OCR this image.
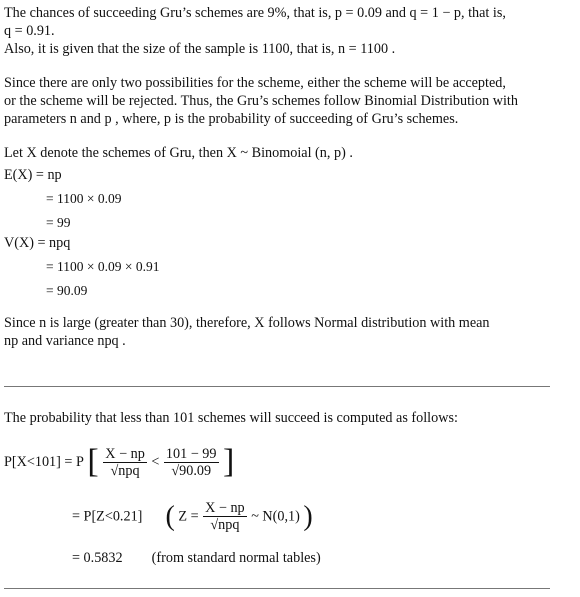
The chances of succeeding Gru’s schemes are 9%, that is, p = 0.09 and q = 1 − p, that is,

q = 0.91.

Also, it is given that the size of the sample is 1100, that is, n = 1100 .

Since there are only two possibilities for the scheme, either the scheme will be accepted,

or the scheme will be rejected. Thus, the Gru’s schemes follow Binomial Distribution with

parameters n and p , where, p is the probability of succeeding of Gru’s schemes.

Let X denote the schemes of Gru, then X ~ Binomoial (n, p) .

E(X) = np
= 1100 × 0.09
= 99
V(X) = npq
= 1100 × 0.09 × 0.91
= 90.09

Since n is large (greater than 30), therefore, X follows Normal distribution with mean

np and variance npq .

The probability that less than 101 schemes will succeed is computed as follows:
P[X<101] = P [ $\frac{X - np}{\text{√npq}} < \frac{101 - 99}{√90.09}$ ]
= P[Z<0.21] ( $Z = \frac{X - np}{\text{√npq}}$ ~ N(0,1) )
= 0.5832 (from standard normal tables)
